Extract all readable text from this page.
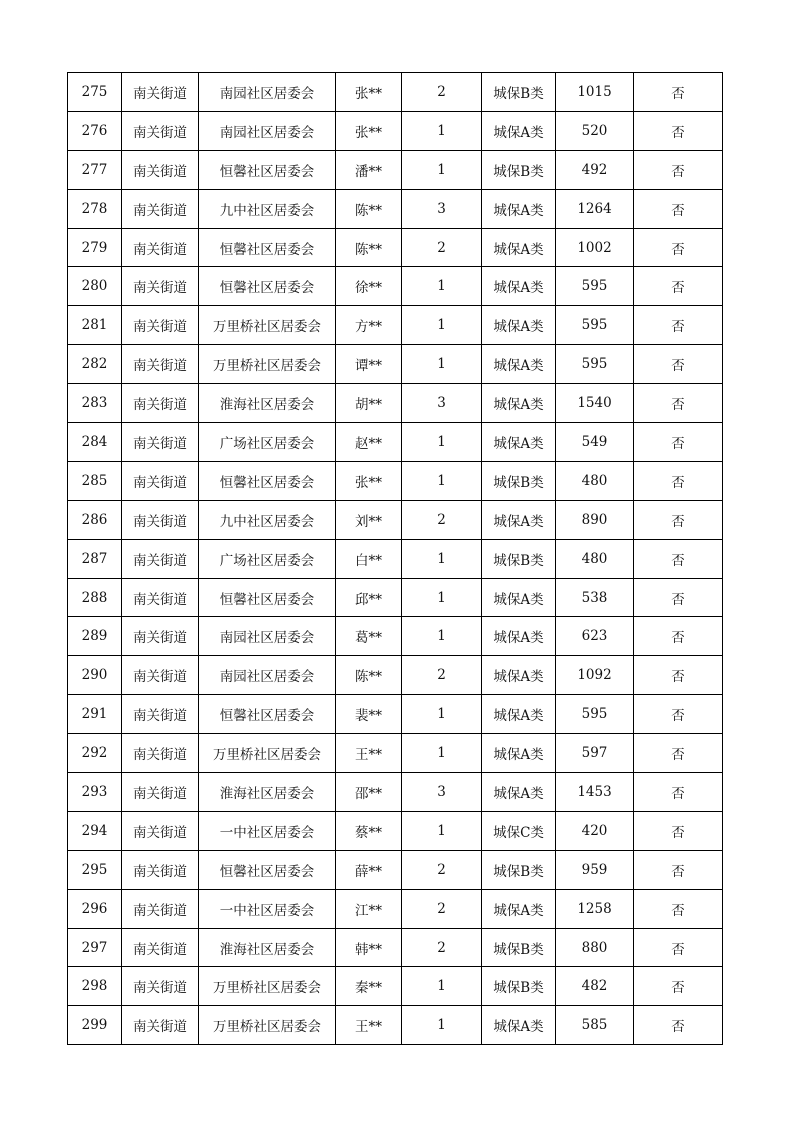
275	南关街道	南园社区居委会	张**	2	城保B类	1015	否
276	南关街道	南园社区居委会	张**	1	城保A类	520	否
277	南关街道	恒馨社区居委会	潘**	1	城保B类	492	否
278	南关街道	九中社区居委会	陈**	3	城保A类	1264	否
279	南关街道	恒馨社区居委会	陈**	2	城保A类	1002	否
280	南关街道	恒馨社区居委会	徐**	1	城保A类	595	否
281	南关街道	万里桥社区居委会	方**	1	城保A类	595	否
282	南关街道	万里桥社区居委会	谭**	1	城保A类	595	否
283	南关街道	淮海社区居委会	胡**	3	城保A类	1540	否
284	南关街道	广场社区居委会	赵**	1	城保A类	549	否
285	南关街道	恒馨社区居委会	张**	1	城保B类	480	否
286	南关街道	九中社区居委会	刘**	2	城保A类	890	否
287	南关街道	广场社区居委会	白**	1	城保B类	480	否
288	南关街道	恒馨社区居委会	邱**	1	城保A类	538	否
289	南关街道	南园社区居委会	葛**	1	城保A类	623	否
290	南关街道	南园社区居委会	陈**	2	城保A类	1092	否
291	南关街道	恒馨社区居委会	裴**	1	城保A类	595	否
292	南关街道	万里桥社区居委会	王**	1	城保A类	597	否
293	南关街道	淮海社区居委会	邵**	3	城保A类	1453	否
294	南关街道	一中社区居委会	蔡**	1	城保C类	420	否
295	南关街道	恒馨社区居委会	薛**	2	城保B类	959	否
296	南关街道	一中社区居委会	江**	2	城保A类	1258	否
297	南关街道	淮海社区居委会	韩**	2	城保B类	880	否
298	南关街道	万里桥社区居委会	秦**	1	城保B类	482	否
299	南关街道	万里桥社区居委会	王**	1	城保A类	585	否
